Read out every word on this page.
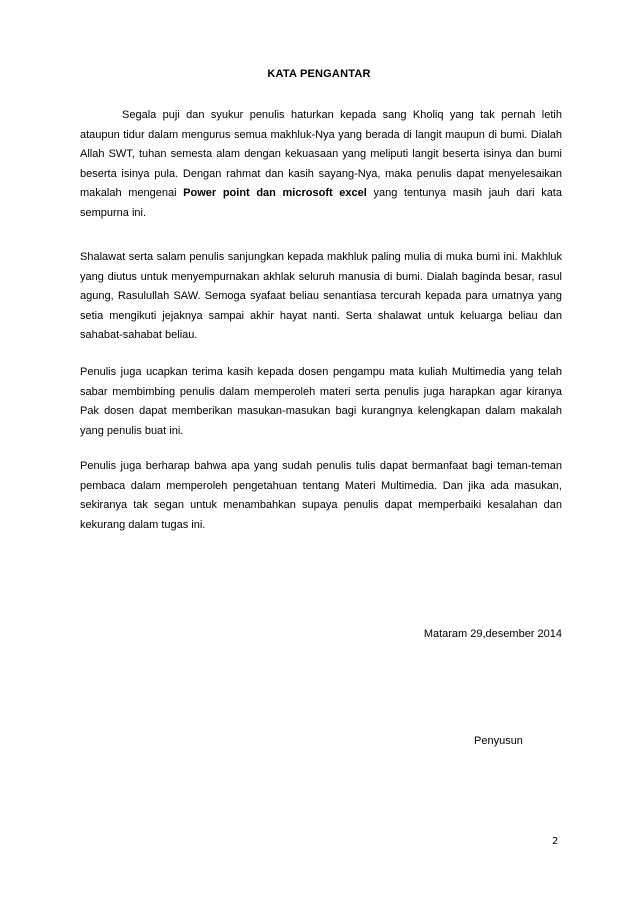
KATA PENGANTAR
Segala puji dan syukur penulis haturkan kepada sang Kholiq yang tak pernah letih ataupun tidur dalam mengurus semua makhluk-Nya yang berada di langit maupun di bumi. Dialah Allah SWT, tuhan semesta alam dengan kekuasaan yang meliputi langit beserta isinya dan bumi beserta isinya pula. Dengan rahmat dan kasih sayang-Nya, maka penulis dapat menyelesaikan makalah mengenai Power point dan microsoft excel yang tentunya masih jauh dari kata sempurna ini.
Shalawat serta salam penulis sanjungkan kepada makhluk paling mulia di muka bumi ini. Makhluk yang diutus untuk menyempurnakan akhlak seluruh manusia di bumi. Dialah baginda besar, rasul agung, Rasulullah SAW. Semoga syafaat beliau senantiasa tercurah kepada para umatnya yang setia mengikuti jejaknya sampai akhir hayat nanti. Serta shalawat untuk keluarga beliau dan sahabat-sahabat beliau.
Penulis juga ucapkan terima kasih kepada dosen pengampu mata kuliah Multimedia yang telah sabar membimbing penulis dalam memperoleh materi serta penulis juga harapkan agar kiranya Pak dosen dapat memberikan masukan-masukan bagi kurangnya kelengkapan dalam makalah yang penulis buat ini.
Penulis juga berharap bahwa apa yang sudah penulis tulis dapat bermanfaat bagi teman-teman pembaca dalam memperoleh pengetahuan tentang Materi Multimedia. Dan jika ada masukan, sekiranya tak segan untuk menambahkan supaya penulis dapat memperbaiki kesalahan dan kekurang dalam tugas ini.
Mataram 29,desember 2014
Penyusun
2
